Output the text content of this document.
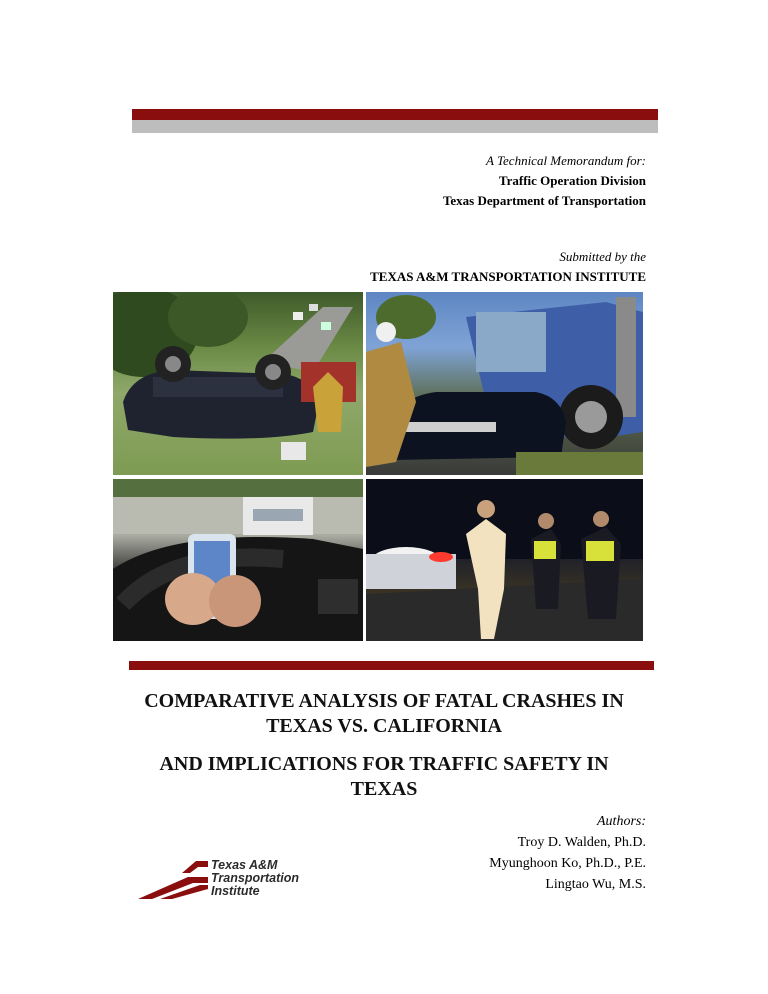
A Technical Memorandum for:
Traffic Operation Division
Texas Department of Transportation
Submitted by the
TEXAS A&M TRANSPORTATION INSTITUTE
COMPARATIVE ANALYSIS OF FATAL CRASHES IN
TEXAS VS. CALIFORNIA
AND IMPLICATIONS FOR TRAFFIC SAFETY IN
TEXAS
Authors:
Troy D. Walden, Ph.D.
Myunghoon Ko, Ph.D., P.E.
Lingtao Wu, M.S.
Texas A&M
Transportation
Institute
